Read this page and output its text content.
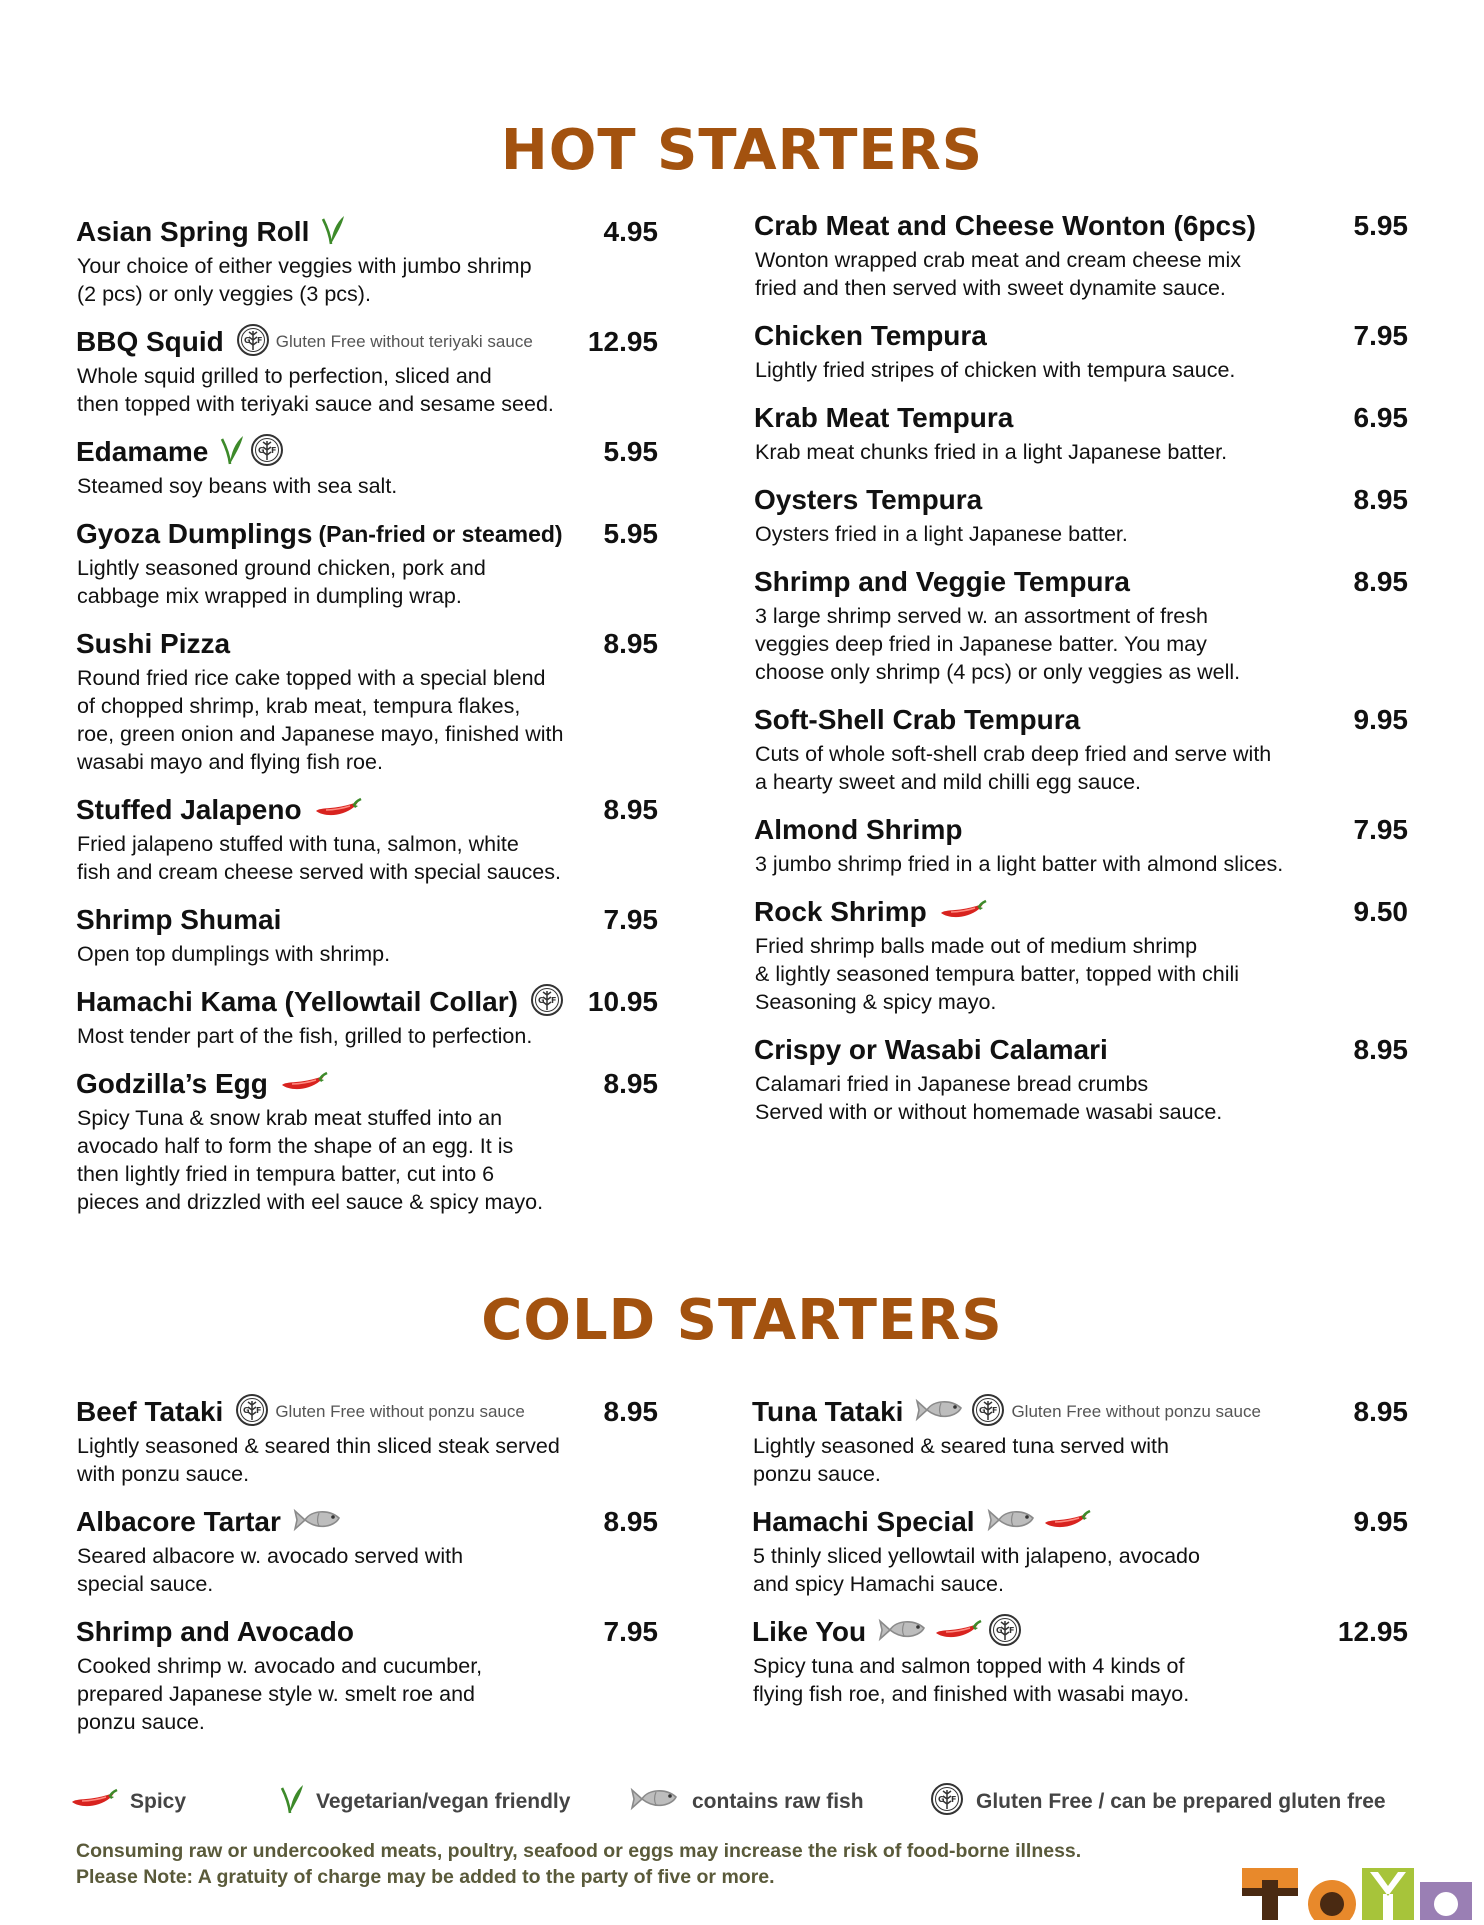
HOT STARTERS
Asian Spring Roll	4.95
Your choice of either veggies with jumbo shrimp
(2 pcs) or only veggies (3 pcs).
BBQ Squid	G F Gluten Free without teriyaki sauce 12.95
Whole squid grilled to perfection, sliced and
then topped with teriyaki sauce and sesame seed.
Edamame	G F	5.95
Steamed soy beans with sea salt.
Gyoza Dumplings (Pan-fried or steamed) 5.95
Lightly seasoned ground chicken, pork and
cabbage mix wrapped in dumpling wrap.
Sushi Pizza	8.95
Round fried rice cake topped with a special blend
of chopped shrimp, krab meat, tempura flakes,
roe, green onion and Japanese mayo, finished with
wasabi mayo and flying fish roe.
Stuffed Jalapeno	8.95
Fried jalapeno stuffed with tuna, salmon, white
fish and cream cheese served with special sauces.
Shrimp Shumai	7.95
Open top dumplings with shrimp.
Hamachi Kama (Yellowtail Collar)	G F 10.95
Most tender part of the fish, grilled to perfection.
Godzilla’s Egg	8.95
Spicy Tuna & snow krab meat stuffed into an
avocado half to form the shape of an egg. It is
then lightly fried in tempura batter, cut into 6
pieces and drizzled with eel sauce & spicy mayo.
Crab Meat and Cheese Wonton (6pcs)	5.95
Wonton wrapped crab meat and cream cheese mix
fried and then served with sweet dynamite sauce.
Chicken Tempura	7.95
Lightly fried stripes of chicken with tempura sauce.
Krab Meat Tempura	6.95
Krab meat chunks fried in a light Japanese batter.
Oysters Tempura	8.95
Oysters fried in a light Japanese batter.
Shrimp and Veggie Tempura	8.95
3 large shrimp served w. an assortment of fresh
veggies deep fried in Japanese batter. You may
choose only shrimp (4 pcs) or only veggies as well.
Soft-Shell Crab Tempura	9.95
Cuts of whole soft-shell crab deep fried and serve with
a hearty sweet and mild chilli egg sauce.
Almond Shrimp	7.95
3 jumbo shrimp fried in a light batter with almond slices.
Rock Shrimp	9.50
Fried shrimp balls made out of medium shrimp
& lightly seasoned tempura batter, topped with chili
Seasoning & spicy mayo.
Crispy or Wasabi Calamari	8.95
Calamari fried in Japanese bread crumbs
Served with or without homemade wasabi sauce.
COLD STARTERS
Beef Tataki	G F Gluten Free without ponzu sauce	8.95
Lightly seasoned & seared thin sliced steak served
with ponzu sauce.
Albacore Tartar	8.95
Seared albacore w. avocado served with
special sauce.
Shrimp and Avocado	7.95
Cooked shrimp w. avocado and cucumber,
prepared Japanese style w. smelt roe and
ponzu sauce.
Tuna Tataki	G F Gluten Free without ponzu sauce	8.95
Lightly seasoned & seared tuna served with
ponzu sauce.
Hamachi Special	9.95
5 thinly sliced yellowtail with jalapeno, avocado
and spicy Hamachi sauce.
Like You	G F	12.95
Spicy tuna and salmon topped with 4 kinds of
flying fish roe, and finished with wasabi mayo.
Spicy	Vegetarian/vegan friendly	contains raw fish	G F Gluten Free / can be prepared gluten free
Consuming raw or undercooked meats, poultry, seafood or eggs may increase the risk of food-borne illness.
Please Note: A gratuity of charge may be added to the party of five or more.
TOYO
